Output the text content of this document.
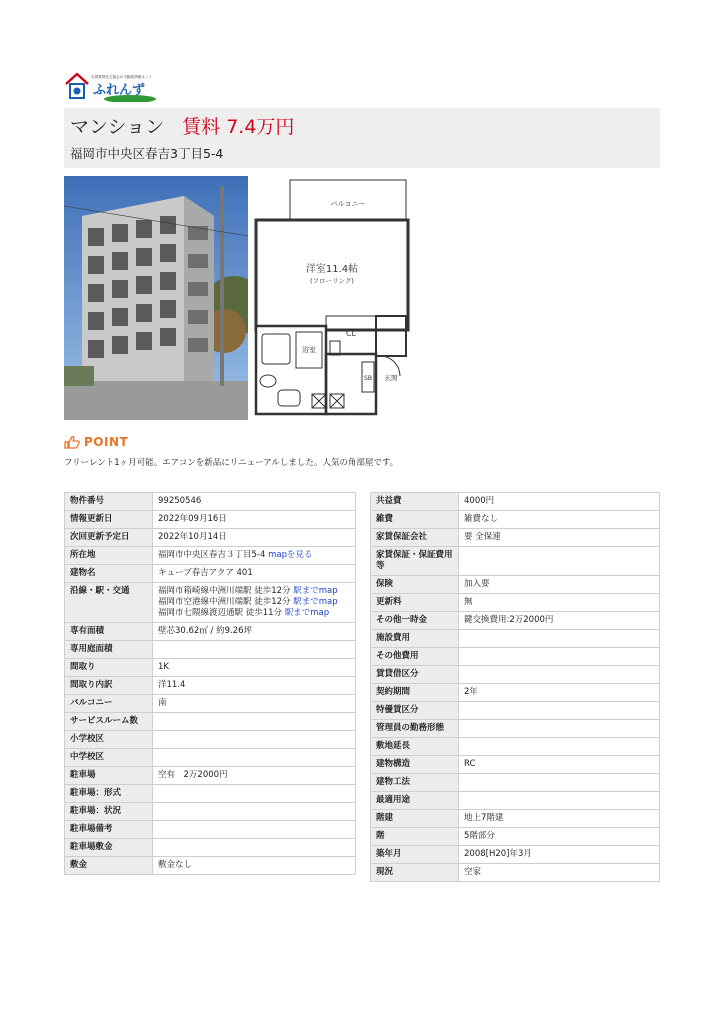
全国賃貸住宅協会の不動産情報ネット
ふれんず
マンション 賃料 7.4万円
福岡市中央区春吉3丁目5-4
バルコニー
洋室11.4帖
(フローリング)
CL
浴室
SB 玄関
POINT
フリーレント1ヶ月可能。エアコンを新品にリニューアルしました。人気の角部屋です。
物件番号	99250546
情報更新日	2022年09月16日
次回更新予定日	2022年10月14日
所在地	福岡市中央区春吉３丁目5-4 mapを見る
建物名	キューブ春吉アクア 401
沿線・駅・交通	福岡市箱崎線中洲川端駅 徒歩12分 駅までmap
福岡市空港線中洲川端駅 徒歩12分 駅までmap
福岡市七隈線渡辺通駅 徒歩11分 駅までmap

専有面積	壁芯30.62㎡ / 約9.26坪
専用庭面積	
間取り	1K
間取り内訳	洋11.4
バルコニー	南
サービスルーム数	
小学校区	
中学校区	
駐車場	空有　2万2000円
駐車場：形式	
駐車場：状況	
駐車場備考	
駐車場敷金	
敷金	敷金なし
共益費	4000円
雑費	雑費なし
家賃保証会社	要 全保連
家賃保証・保証費用等	
保険	加入要
更新料	無
その他一時金	鍵交換費用:2万2000円
施設費用	
その他費用	
賃貸借区分	
契約期間	2年
特優賃区分	
管理員の勤務形態	
敷地延長	
建物構造	RC
建物工法	
最適用途	
階建	地上7階建
階	5階部分
築年月	2008[H20]年3月
現況	空家
